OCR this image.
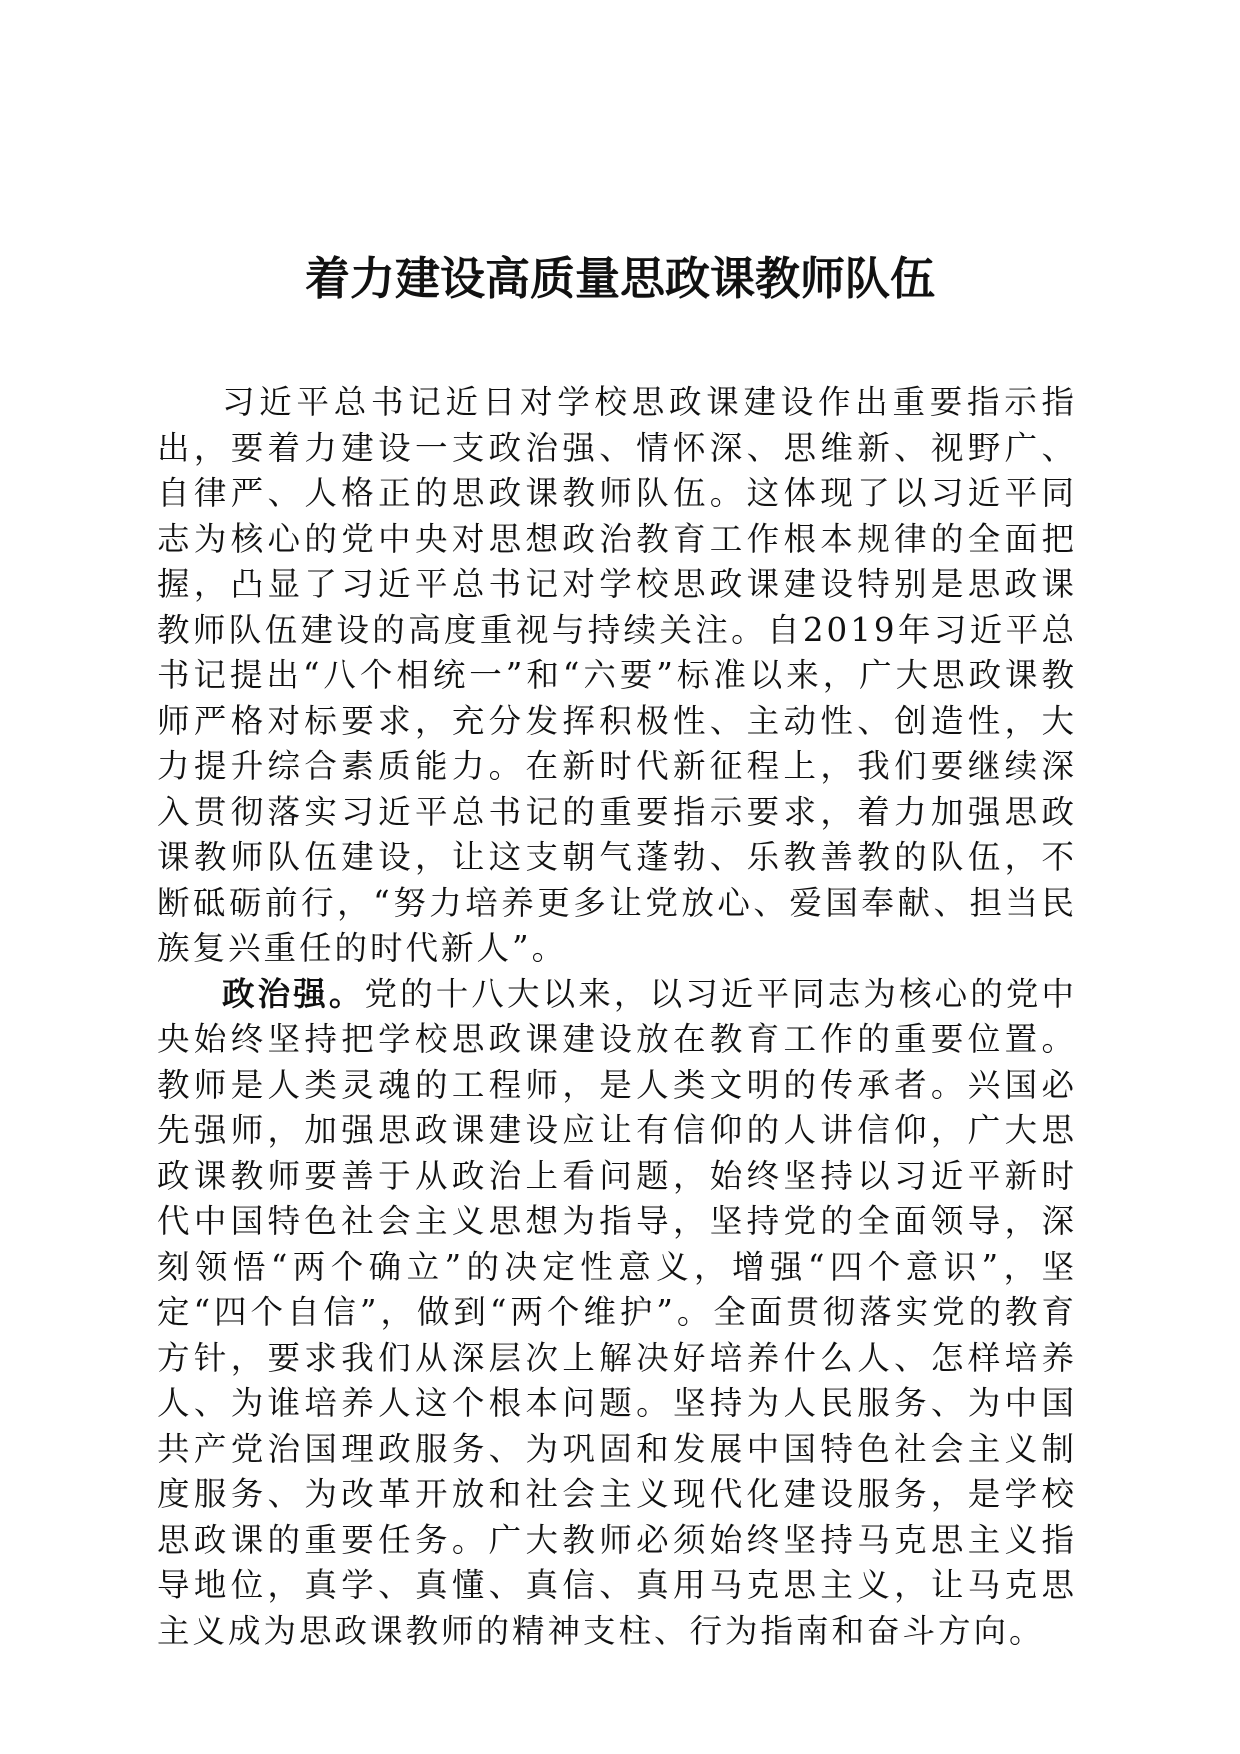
着力建设高质量思政课教师队伍

习近平总书记近日对学校思政课建设作出重要指示指出，要着力建设一支政治强、情怀深、思维新、视野广、自律严、人格正的思政课教师队伍。这体现了以习近平同志为核心的党中央对思想政治教育工作根本规律的全面把握，凸显了习近平总书记对学校思政课建设特别是思政课教师队伍建设的高度重视与持续关注。自2019年习近平总书记提出“八个相统一”和“六要”标准以来，广大思政课教师严格对标要求，充分发挥积极性、主动性、创造性，大力提升综合素质能力。在新时代新征程上，我们要继续深入贯彻落实习近平总书记的重要指示要求，着力加强思政课教师队伍建设，让这支朝气蓬勃、乐教善教的队伍，不断砥砺前行，“努力培养更多让党放心、爱国奉献、担当民族复兴重任的时代新人”。

政治强。党的十八大以来，以习近平同志为核心的党中央始终坚持把学校思政课建设放在教育工作的重要位置。教师是人类灵魂的工程师，是人类文明的传承者。兴国必先强师，加强思政课建设应让有信仰的人讲信仰，广大思政课教师要善于从政治上看问题，始终坚持以习近平新时代中国特色社会主义思想为指导，坚持党的全面领导，深刻领悟“两个确立”的决定性意义，增强“四个意识”，坚定“四个自信”，做到“两个维护”。全面贯彻落实党的教育方针，要求我们从深层次上解决好培养什么人、怎样培养人、为谁培养人这个根本问题。坚持为人民服务、为中国共产党治国理政服务、为巩固和发展中国特色社会主义制度服务、为改革开放和社会主义现代化建设服务，是学校思政课的重要任务。广大教师必须始终坚持马克思主义指导地位，真学、真懂、真信、真用马克思主义，让马克思主义成为思政课教师的精神支柱、行为指南和奋斗方向。
